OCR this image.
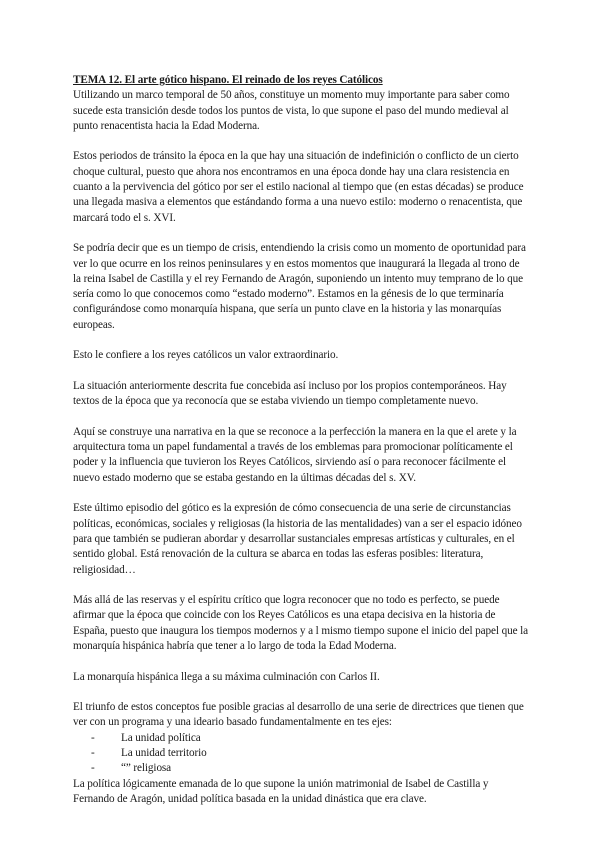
TEMA 12. El arte gótico hispano. El reinado de los reyes Católicos

Utilizando un marco temporal de 50 años, constituye un momento muy importante para saber como sucede esta transición desde todos los puntos de vista, lo que supone el paso del mundo medieval al punto renacentista hacia la Edad Moderna.

Estos periodos de tránsito la época en la que hay una situación de indefinición o conflicto de un cierto choque cultural, puesto que ahora nos encontramos en una época donde hay una clara resistencia en cuanto a la pervivencia del gótico por ser el estilo nacional al tiempo que (en estas décadas) se produce una llegada masiva a elementos que estándando forma a una nuevo estilo: moderno o renacentista, que marcará todo el s. XVI.

Se podría decir que es un tiempo de crisis, entendiendo la crisis como un momento de oportunidad para ver lo que ocurre en los reinos peninsulares y en estos momentos que inaugurará la llegada al trono de la reina Isabel de Castilla y el rey Fernando de Aragón, suponiendo un intento muy temprano de lo que sería como lo que conocemos como “estado moderno”. Estamos en la génesis de lo que terminaría configurándose como monarquía hispana, que sería un punto clave en la historia y las monarquías europeas.

Esto le confiere a los reyes católicos un valor extraordinario.

La situación anteriormente descrita fue concebida así incluso por los propios contemporáneos. Hay textos de la época que ya reconocía que se estaba viviendo un tiempo completamente nuevo.

Aquí se construye una narrativa en la que se reconoce a la perfección la manera en la que el arete y la arquitectura toma un papel fundamental a través de los emblemas para promocionar políticamente el poder y la influencia que tuvieron los Reyes Católicos, sirviendo así o para reconocer fácilmente el nuevo estado moderno que se estaba gestando en la últimas décadas del s. XV.

Este último episodio del gótico es la expresión de cómo consecuencia de una serie de circunstancias políticas, económicas, sociales y religiosas (la historia de las mentalidades) van a ser el espacio idóneo para que también se pudieran abordar y desarrollar sustanciales empresas artísticas y culturales, en el sentido global. Está renovación de la cultura se abarca en todas las esferas posibles: literatura, religiosidad…

Más allá de las reservas y el espíritu crítico que logra reconocer que no todo es perfecto, se puede afirmar que la época que coincide con los Reyes Católicos es una etapa decisiva en la historia de España, puesto que inaugura los tiempos modernos y a l mismo tiempo supone el inicio del papel que la monarquía hispánica habría que tener a lo largo de toda la Edad Moderna.

La monarquía hispánica llega a su máxima culminación con Carlos II.

El triunfo de estos conceptos fue posible gracias al desarrollo de una serie de directrices que tienen que ver con un programa y una ideario basado fundamentalmente en tes ejes:

- La unidad política
- La unidad territorio
- “” religiosa

La política lógicamente emanada de lo que supone la unión matrimonial de Isabel de Castilla y Fernando de Aragón, unidad política basada en la unidad dinástica que era clave.
